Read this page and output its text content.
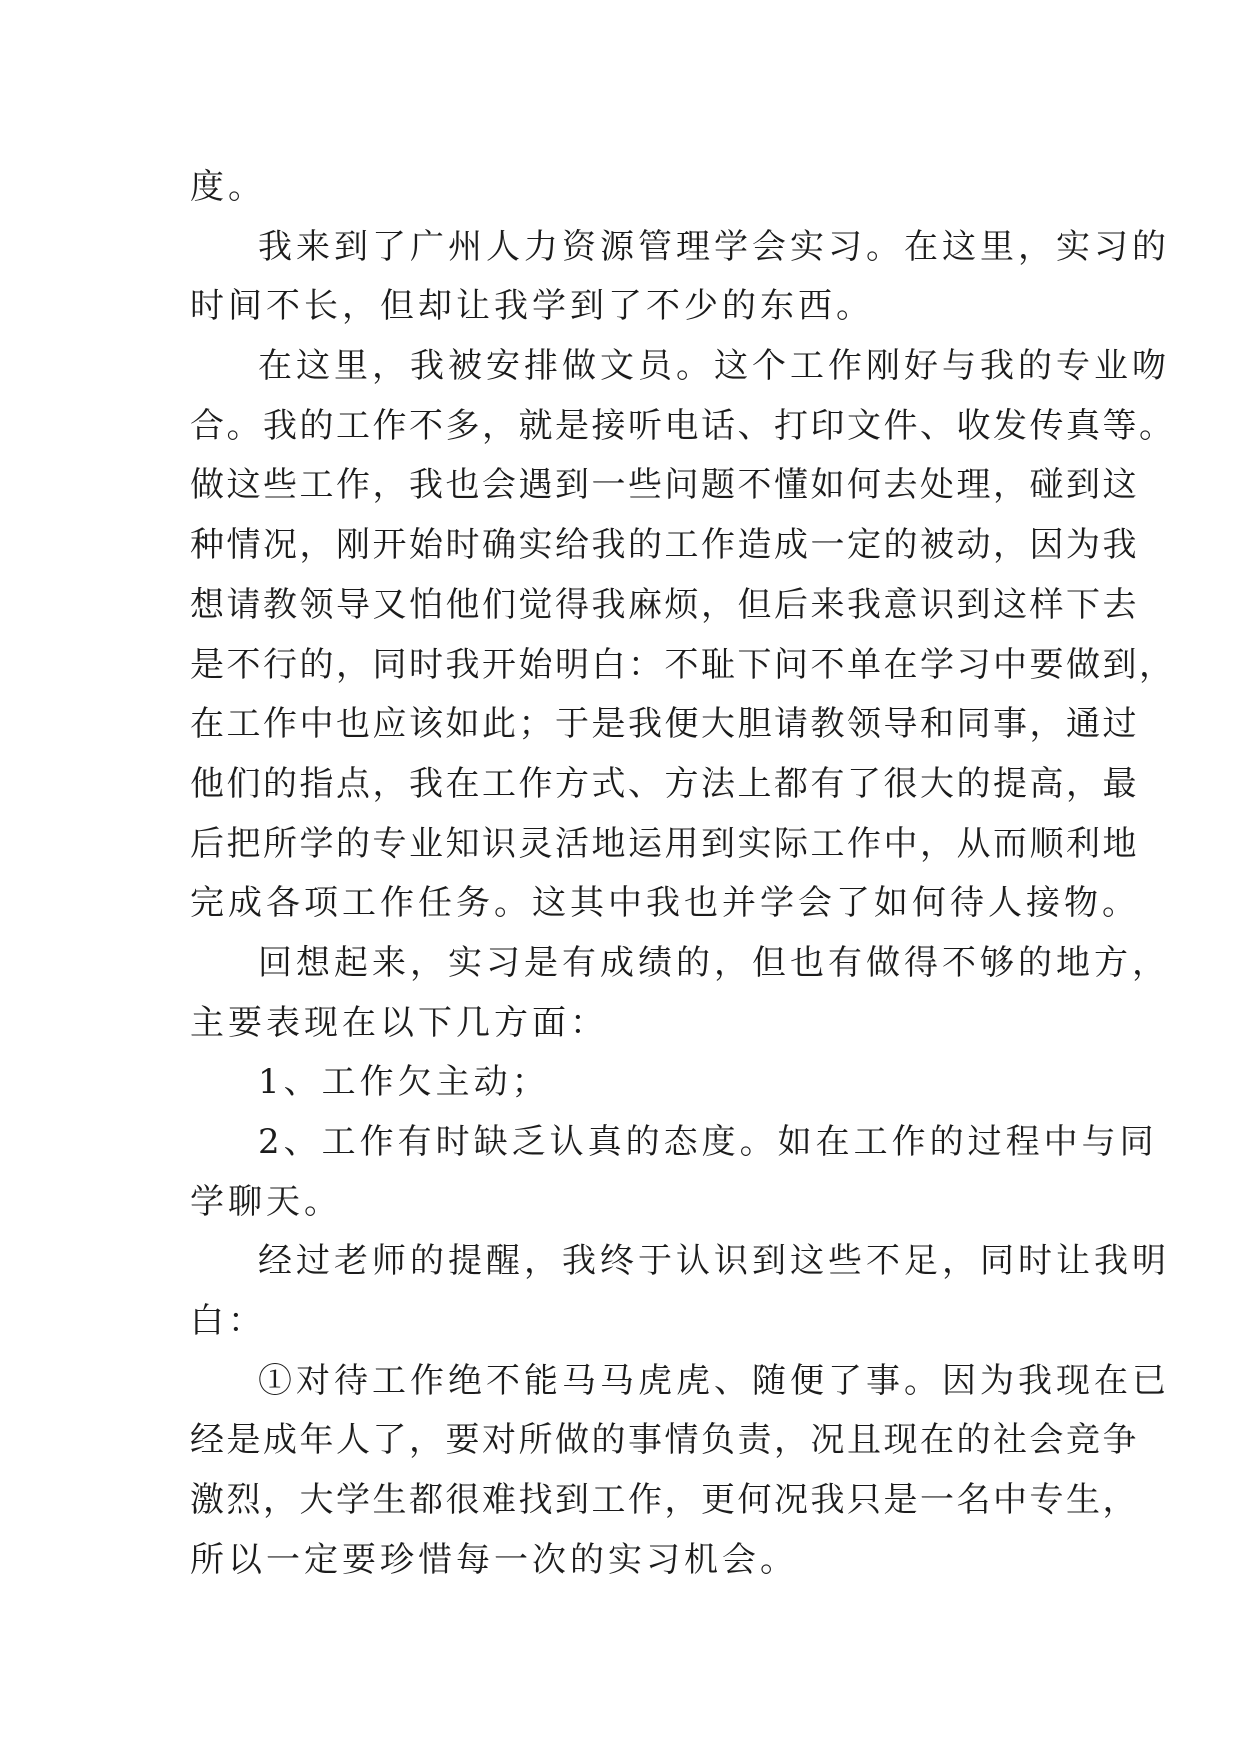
度。
我来到了广州人力资源管理学会实习。在这里，实习的
时间不长，但却让我学到了不少的东西。
在这里，我被安排做文员。这个工作刚好与我的专业吻
合。我的工作不多，就是接听电话、打印文件、收发传真等。
做这些工作，我也会遇到一些问题不懂如何去处理，碰到这
种情况，刚开始时确实给我的工作造成一定的被动，因为我
想请教领导又怕他们觉得我麻烦，但后来我意识到这样下去
是不行的，同时我开始明白：不耻下问不单在学习中要做到，
在工作中也应该如此；于是我便大胆请教领导和同事，通过
他们的指点，我在工作方式、方法上都有了很大的提高，最
后把所学的专业知识灵活地运用到实际工作中，从而顺利地
完成各项工作任务。这其中我也并学会了如何待人接物。
回想起来，实习是有成绩的，但也有做得不够的地方，
主要表现在以下几方面：
1、工作欠主动；
2、工作有时缺乏认真的态度。如在工作的过程中与同
学聊天。
经过老师的提醒，我终于认识到这些不足，同时让我明
白：
①对待工作绝不能马马虎虎、随便了事。因为我现在已
经是成年人了，要对所做的事情负责，况且现在的社会竞争
激烈，大学生都很难找到工作，更何况我只是一名中专生，
所以一定要珍惜每一次的实习机会。
